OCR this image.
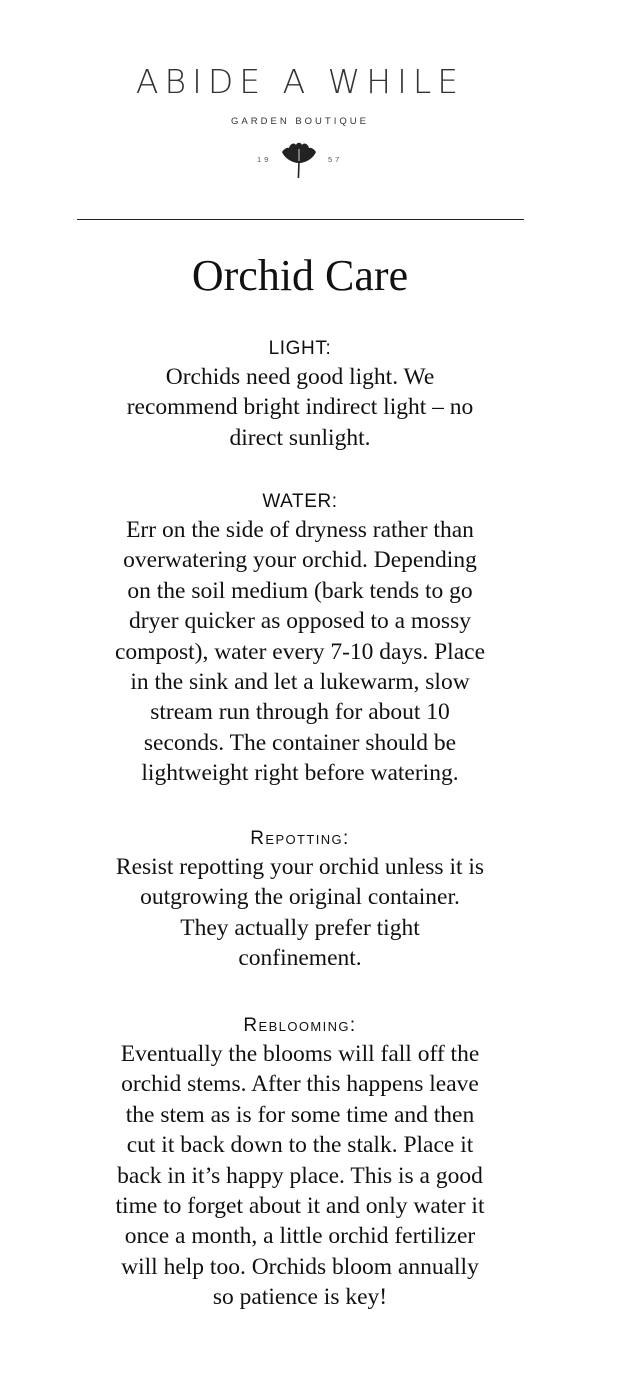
ABIDE A WHILE
GARDEN BOUTIQUE
19	57
Orchid Care

LIGHT:

Orchids need good light. We
recommend bright indirect light – no
direct sunlight.

WATER:

Err on the side of dryness rather than
overwatering your orchid. Depending
on the soil medium (bark tends to go
dryer quicker as opposed to a mossy
compost), water every 7-10 days. Place
in the sink and let a lukewarm, slow
stream run through for about 10
seconds. The container should be
lightweight right before watering.

Repotting:

Resist repotting your orchid unless it is
outgrowing the original container.
They actually prefer tight
confinement.

Reblooming:

Eventually the blooms will fall off the
orchid stems. After this happens leave
the stem as is for some time and then
cut it back down to the stalk. Place it
back in it’s happy place. This is a good
time to forget about it and only water it
once a month, a little orchid fertilizer
will help too. Orchids bloom annually
so patience is key!
